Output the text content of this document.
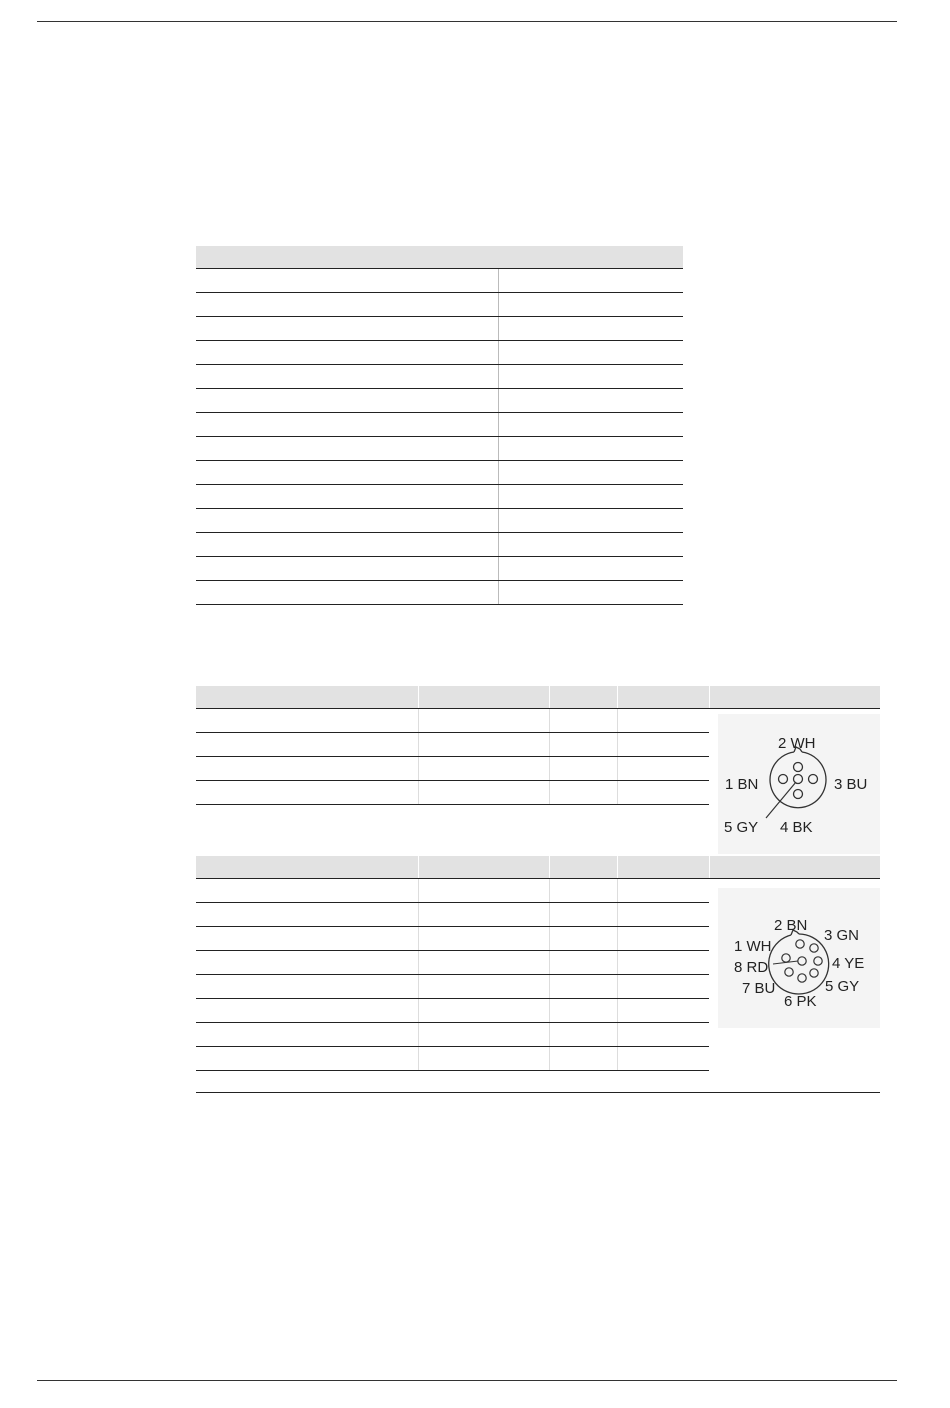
2 WH
1 BN	3 BU
5 GY 4 BK
2 BN
3 GN
1 WH
4 YE
8 RD
5 GY
7 BU
6 PK
